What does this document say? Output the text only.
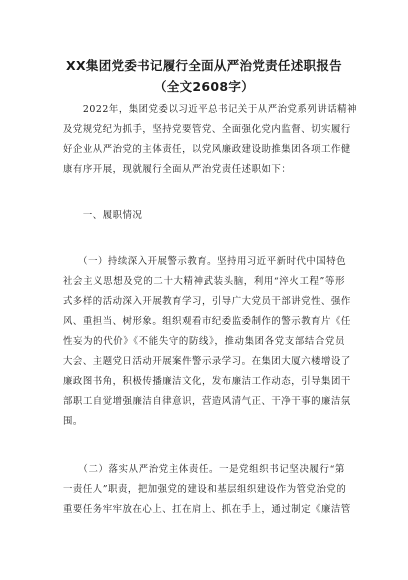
XX集团党委书记履行全面从严治党责任述职报告
（全文2608字）
　　2022年，集团党委以习近平总书记关于从严治党系列讲话精神
及党规党纪为抓手，坚持党要管党、全面强化党内监督、切实履行
好企业从严治党的主体责任，以党风廉政建设助推集团各项工作健
康有序开展，现就履行全面从严治党责任述职如下：
　　一、履职情况
　　（一）持续深入开展警示教育。坚持用习近平新时代中国特色
社会主义思想及党的二十大精神武装头脑，利用“淬火工程”等形
式多样的活动深入开展教育学习，引导广大党员干部讲党性、强作
风、重担当、树形象。组织观看市纪委监委制作的警示教育片《任
性妄为的代价》《不能失守的防线》，推动集团各党支部结合党员
大会、主题党日活动开展案件警示录学习。在集团大厦六楼增设了
廉政图书角，积极传播廉洁文化，发布廉洁工作动态，引导集团干
部职工自觉增强廉洁自律意识，营造风清气正、干净干事的廉洁氛
围。
　　（二）落实从严治党主体责任。一是党组织书记坚决履行“第
一责任人”职责，把加强党的建设和基层组织建设作为管党治党的
重要任务牢牢放在心上、扛在肩上、抓在手上，通过制定《廉洁管
